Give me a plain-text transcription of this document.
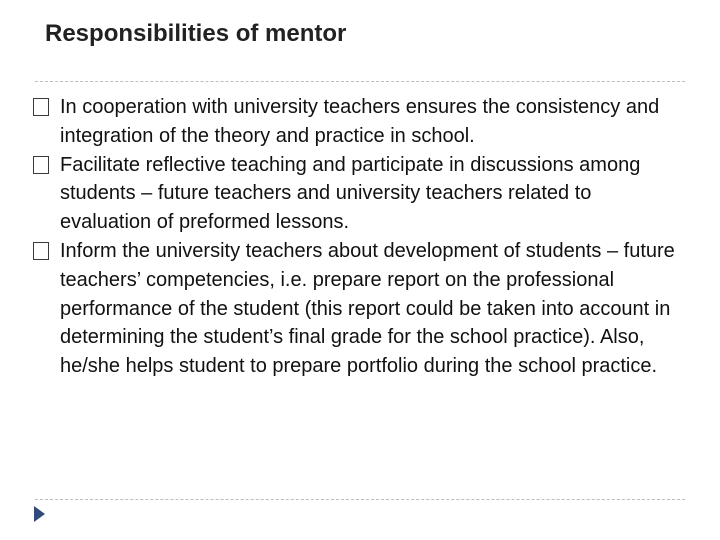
Responsibilities of mentor
In cooperation with university teachers ensures the consistency and integration of the theory and practice in school.
Facilitate reflective teaching and participate in discussions among students – future teachers and university teachers related to evaluation of preformed lessons.
Inform the university teachers about development of students – future teachers’ competencies, i.e. prepare report on the professional performance of the student (this report could be taken into account in determining the student’s final grade for the school practice). Also, he/she helps student to prepare portfolio during the school practice.
